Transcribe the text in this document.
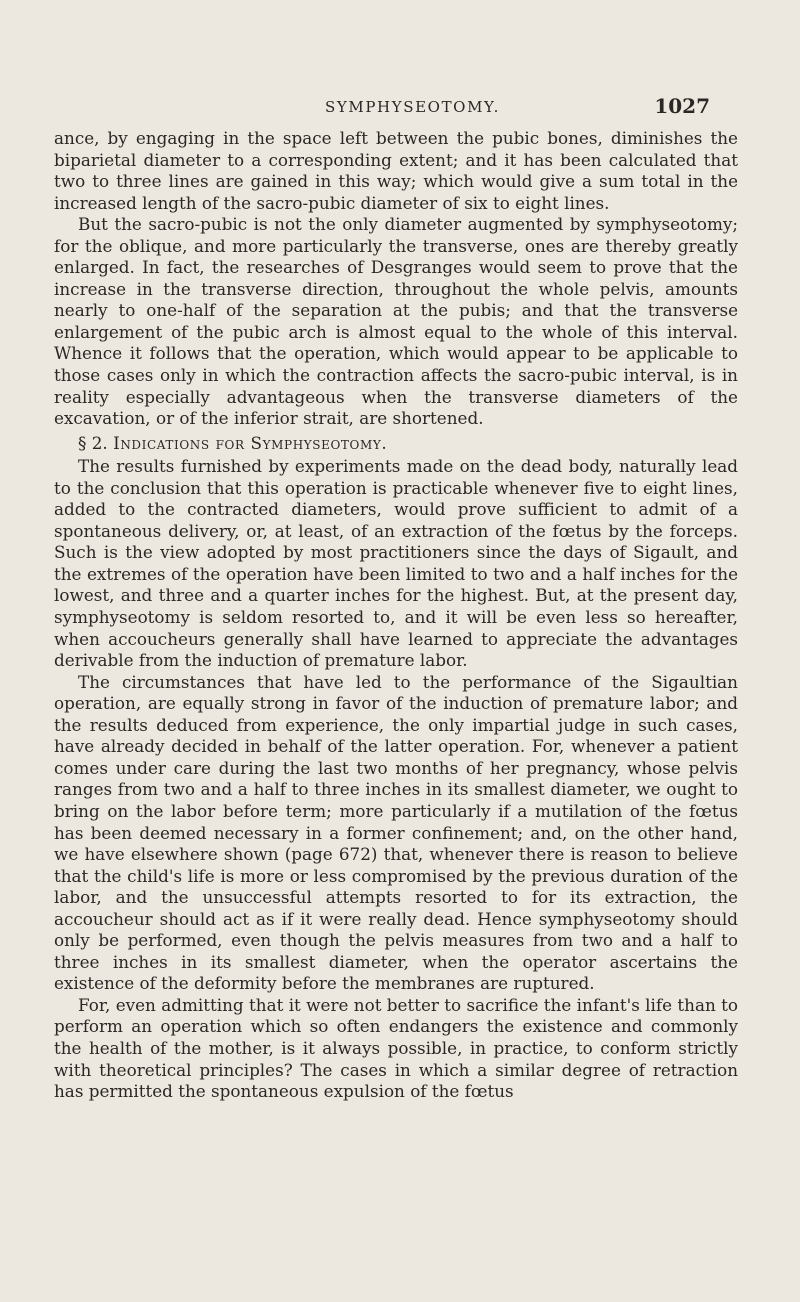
SYMPHYSEOTOMY.	1027

ance, by engaging in the space left between the pubic bones, diminishes the biparietal diameter to a corresponding extent; and it has been calculated that two to three lines are gained in this way; which would give a sum total in the increased length of the sacro-pubic diameter of six to eight lines.

But the sacro-pubic is not the only diameter augmented by symphyseotomy; for the oblique, and more particularly the transverse, ones are thereby greatly enlarged. In fact, the researches of Desgranges would seem to prove that the increase in the transverse direction, throughout the whole pelvis, amounts nearly to one-half of the separation at the pubis; and that the transverse enlargement of the pubic arch is almost equal to the whole of this interval. Whence it follows that the operation, which would appear to be applicable to those cases only in which the contraction affects the sacro-pubic interval, is in reality especially advantageous when the transverse diameters of the excavation, or of the inferior strait, are shortened.

§ 2. Indications for Symphyseotomy.

The results furnished by experiments made on the dead body, naturally lead to the conclusion that this operation is practicable whenever five to eight lines, added to the contracted diameters, would prove sufficient to admit of a spontaneous delivery, or, at least, of an extraction of the fœtus by the forceps. Such is the view adopted by most practitioners since the days of Sigault, and the extremes of the operation have been limited to two and a half inches for the lowest, and three and a quarter inches for the highest. But, at the present day, symphyseotomy is seldom resorted to, and it will be even less so hereafter, when accoucheurs generally shall have learned to appreciate the advantages derivable from the induction of premature labor.

The circumstances that have led to the performance of the Sigaultian operation, are equally strong in favor of the induction of premature labor; and the results deduced from experience, the only impartial judge in such cases, have already decided in behalf of the latter operation. For, whenever a patient comes under care during the last two months of her pregnancy, whose pelvis ranges from two and a half to three inches in its smallest diameter, we ought to bring on the labor before term; more particularly if a mutilation of the fœtus has been deemed necessary in a former confinement; and, on the other hand, we have elsewhere shown (page 672) that, whenever there is reason to believe that the child's life is more or less compromised by the previous duration of the labor, and the unsuccessful attempts resorted to for its extraction, the accoucheur should act as if it were really dead. Hence symphyseotomy should only be performed, even though the pelvis measures from two and a half to three inches in its smallest diameter, when the operator ascertains the existence of the deformity before the membranes are ruptured.

For, even admitting that it were not better to sacrifice the infant's life than to perform an operation which so often endangers the existence and commonly the health of the mother, is it always possible, in practice, to conform strictly with theoretical principles? The cases in which a similar degree of retraction has permitted the spontaneous expulsion of the fœtus
